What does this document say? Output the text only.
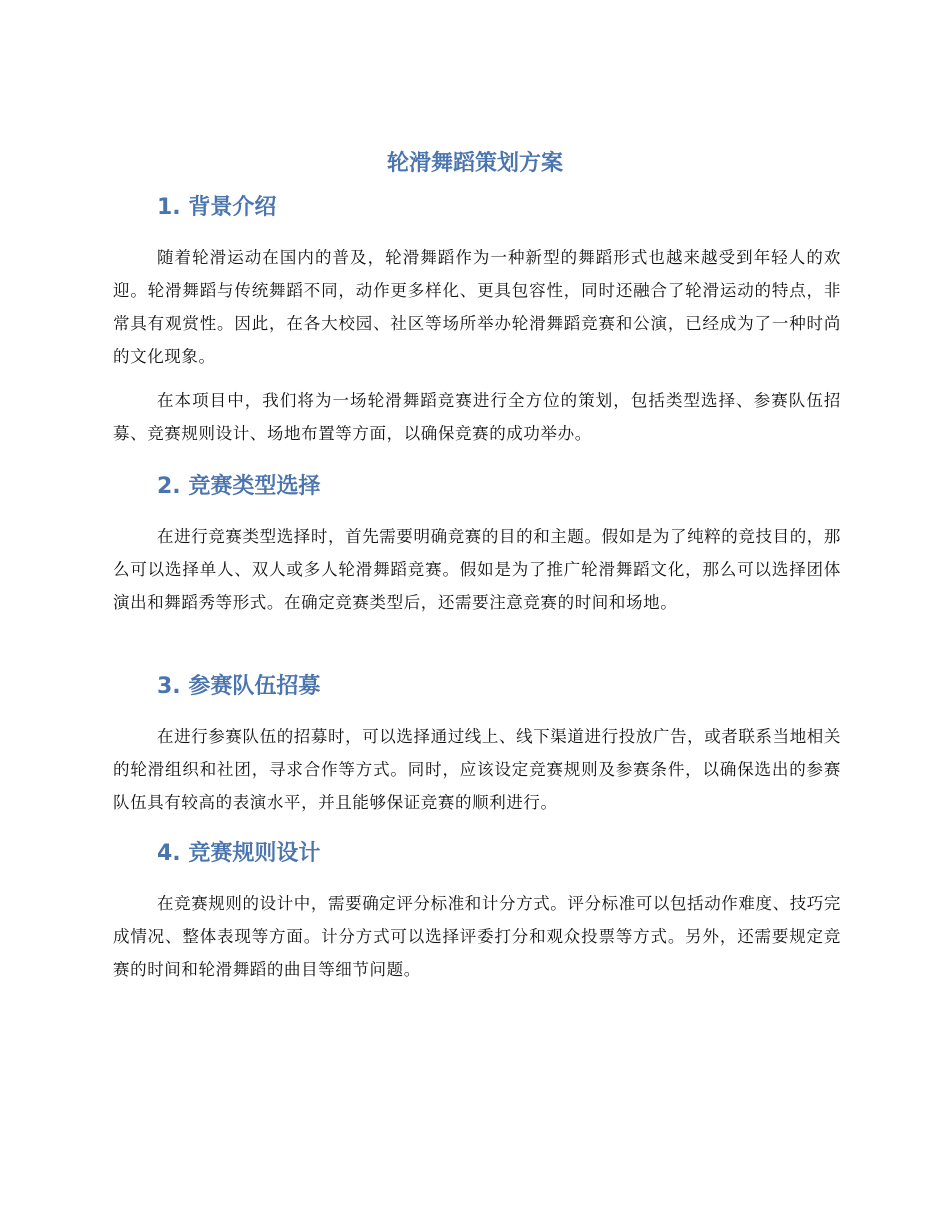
轮滑舞蹈策划方案
1. 背景介绍

随着轮滑运动在国内的普及，轮滑舞蹈作为一种新型的舞蹈形式也越来越受到年轻人的欢迎。轮滑舞蹈与传统舞蹈不同，动作更多样化、更具包容性，同时还融合了轮滑运动的特点，非常具有观赏性。因此，在各大校园、社区等场所举办轮滑舞蹈竞赛和公演，已经成为了一种时尚的文化现象。

在本项目中，我们将为一场轮滑舞蹈竞赛进行全方位的策划，包括类型选择、参赛队伍招募、竞赛规则设计、场地布置等方面，以确保竞赛的成功举办。

2. 竞赛类型选择

在进行竞赛类型选择时，首先需要明确竞赛的目的和主题。假如是为了纯粹的竞技目的，那么可以选择单人、双人或多人轮滑舞蹈竞赛。假如是为了推广轮滑舞蹈文化，那么可以选择团体演出和舞蹈秀等形式。在确定竞赛类型后，还需要注意竞赛的时间和场地。

3. 参赛队伍招募

在进行参赛队伍的招募时，可以选择通过线上、线下渠道进行投放广告，或者联系当地相关的轮滑组织和社团，寻求合作等方式。同时，应该设定竞赛规则及参赛条件，以确保选出的参赛队伍具有较高的表演水平，并且能够保证竞赛的顺利进行。

4. 竞赛规则设计

在竞赛规则的设计中，需要确定评分标准和计分方式。评分标准可以包括动作难度、技巧完成情况、整体表现等方面。计分方式可以选择评委打分和观众投票等方式。另外，还需要规定竞赛的时间和轮滑舞蹈的曲目等细节问题。
